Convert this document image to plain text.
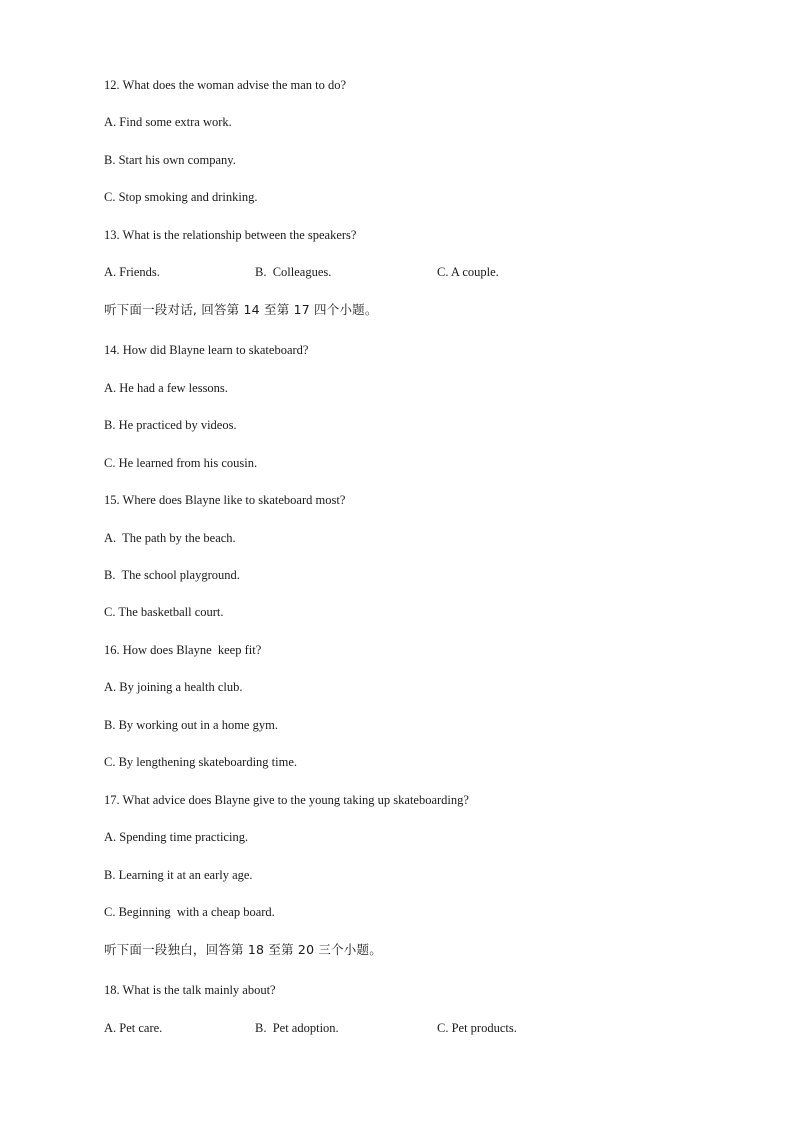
12. What does the woman advise the man to do?
A. Find some extra work.
B. Start his own company.
C. Stop smoking and drinking.
13. What is the relationship between the speakers?
A. Friends.	B.  Colleagues.	C. A couple.
听下面一段对话, 回答第 14 至第 17 四个小题。
14. How did Blayne learn to skateboard?
A. He had a few lessons.
B. He practiced by videos.
C. He learned from his cousin.
15. Where does Blayne like to skateboard most?
A.  The path by the beach.
B.  The school playground.
C. The basketball court.
16. How does Blayne  keep fit?
A. By joining a health club.
B. By working out in a home gym.
C. By lengthening skateboarding time.
17. What advice does Blayne give to the young taking up skateboarding?
A. Spending time practicing.
B. Learning it at an early age.
C. Beginning  with a cheap board.
听下面一段独白，回答第 18 至第 20 三个小题。
18. What is the talk mainly about?
A. Pet care.	B.  Pet adoption.	C. Pet products.
